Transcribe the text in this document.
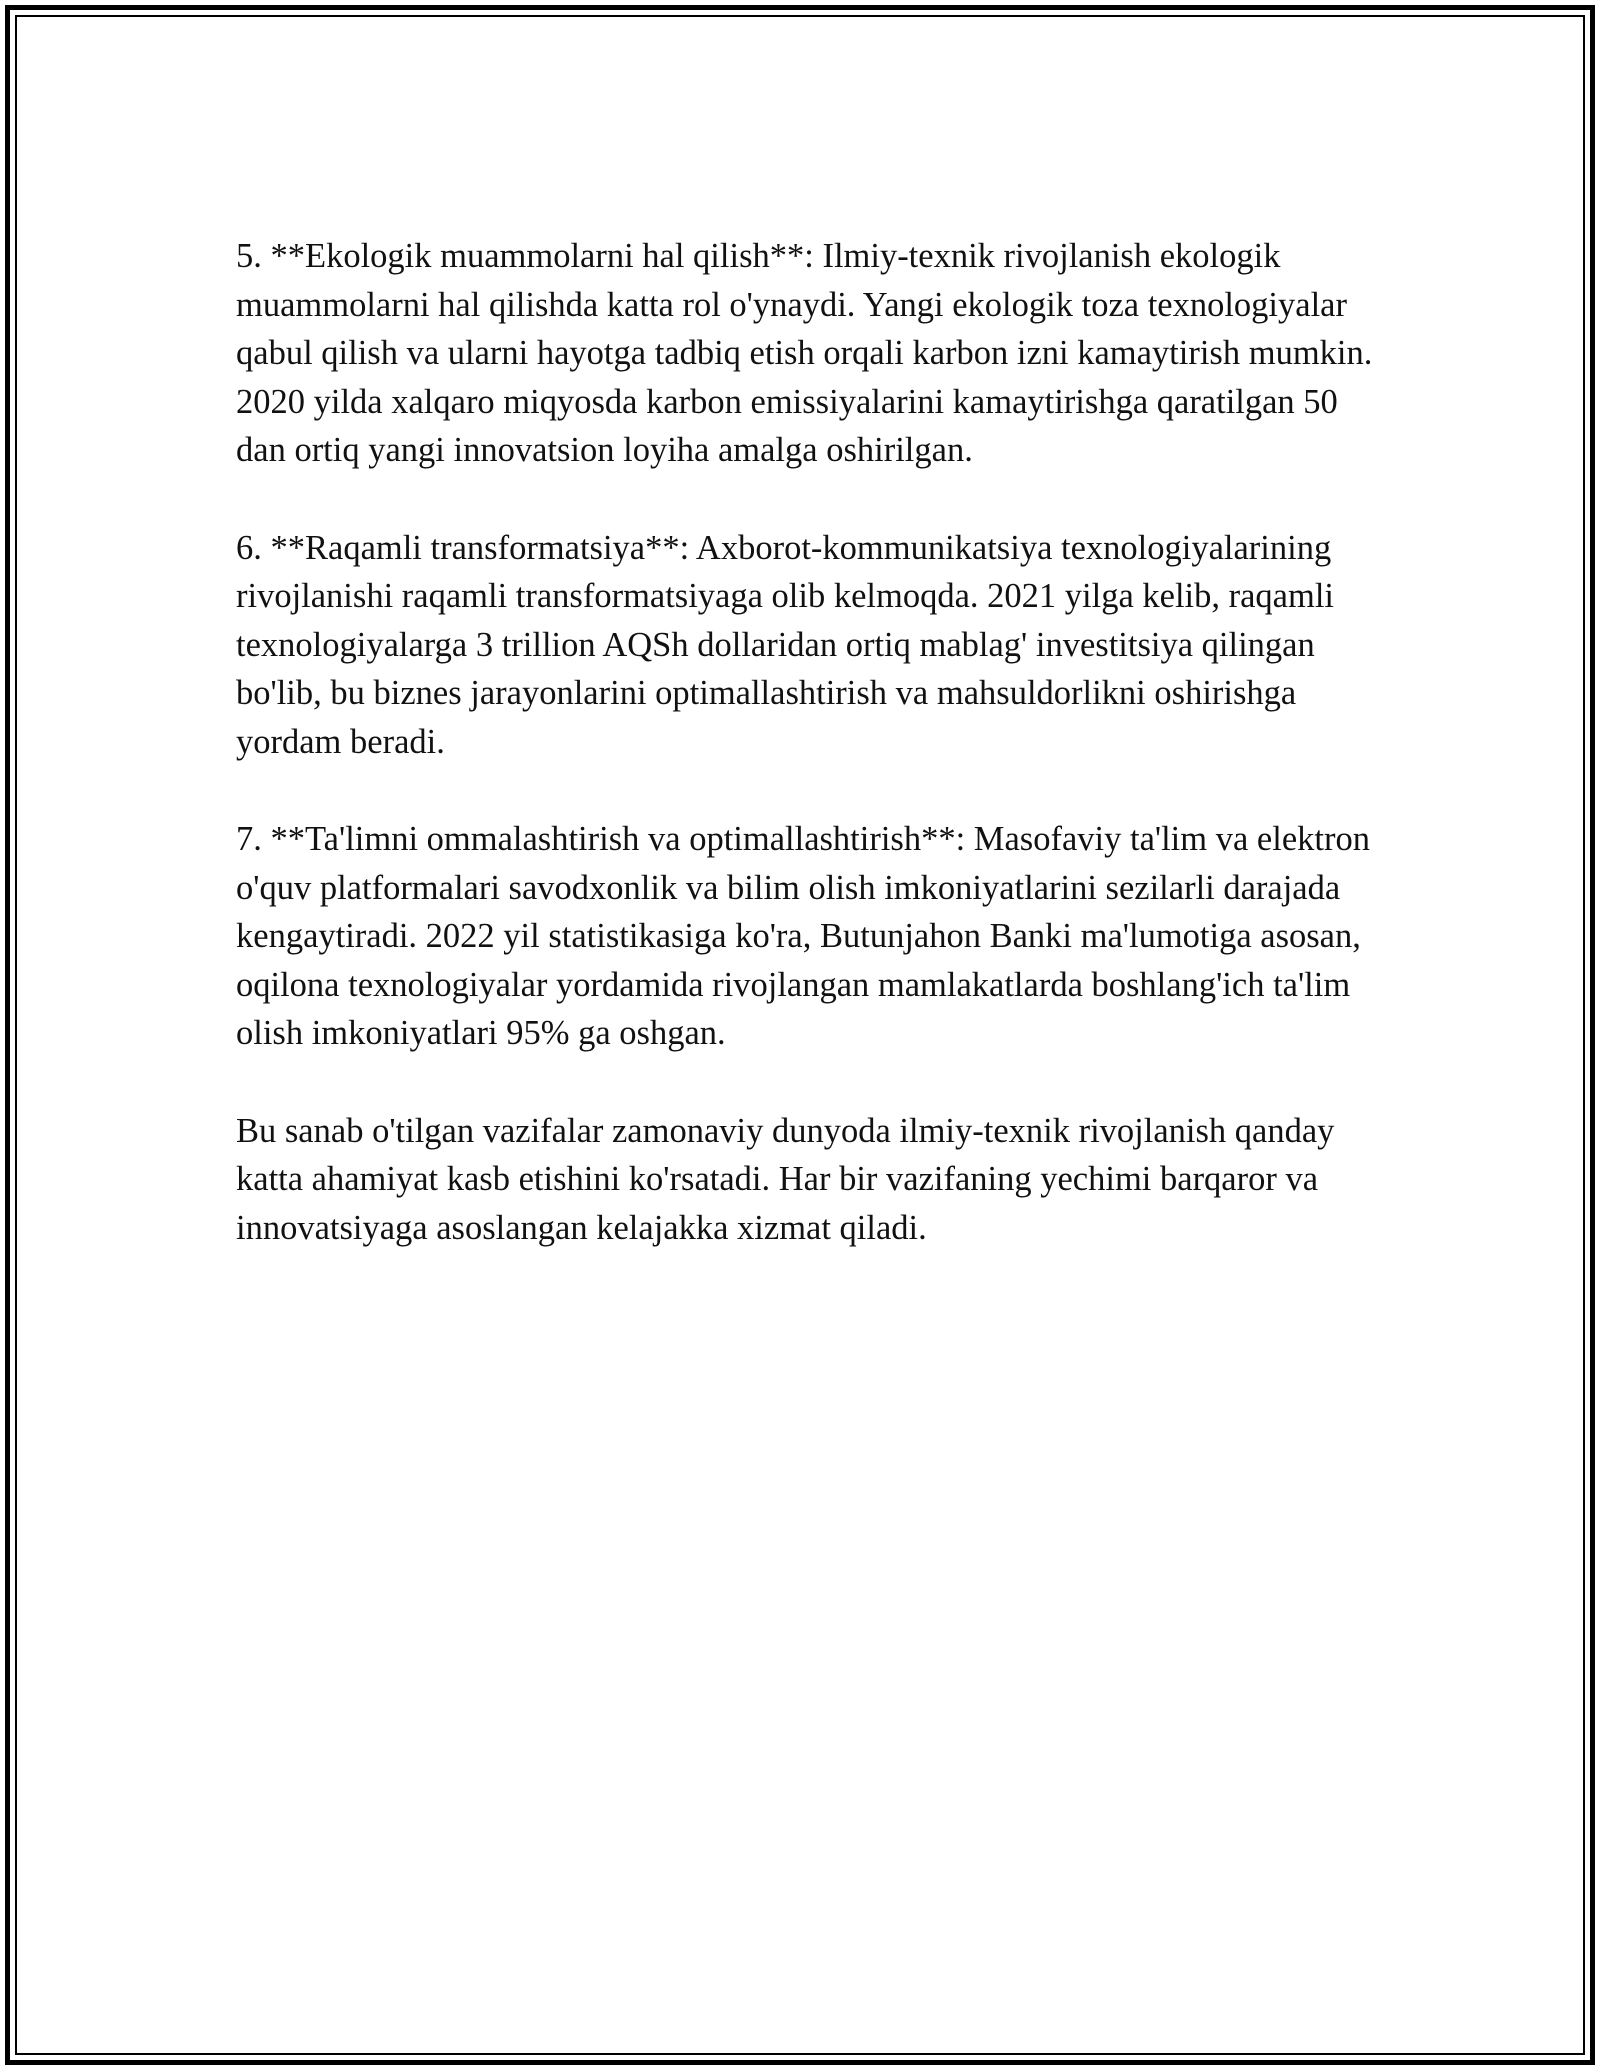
5. **Ekologik muammolarni hal qilish**: Ilmiy-texnik rivojlanish ekologik muammolarni hal qilishda katta rol o'ynaydi. Yangi ekologik toza texnologiyalar qabul qilish va ularni hayotga tadbiq etish orqali karbon izni kamaytirish mumkin. 2020 yilda xalqaro miqyosda karbon emissiyalarini kamaytirishga qaratilgan 50 dan ortiq yangi innovatsion loyiha amalga oshirilgan.

6. **Raqamli transformatsiya**: Axborot-kommunikatsiya texnologiyalarining rivojlanishi raqamli transformatsiyaga olib kelmoqda. 2021 yilga kelib, raqamli texnologiyalarga 3 trillion AQSh dollaridan ortiq mablag' investitsiya qilingan bo'lib, bu biznes jarayonlarini optimallashtirish va mahsuldorlikni oshirishga yordam beradi.

7. **Ta'limni ommalashtirish va optimallashtirish**: Masofaviy ta'lim va elektron o'quv platformalari savodxonlik va bilim olish imkoniyatlarini sezilarli darajada kengaytiradi. 2022 yil statistikasiga ko'ra, Butunjahon Banki ma'lumotiga asosan, oqilona texnologiyalar yordamida rivojlangan mamlakatlarda boshlang'ich ta'lim olish imkoniyatlari 95% ga oshgan.

Bu sanab o'tilgan vazifalar zamonaviy dunyoda ilmiy-texnik rivojlanish qanday katta ahamiyat kasb etishini ko'rsatadi. Har bir vazifaning yechimi barqaror va innovatsiyaga asoslangan kelajakka xizmat qiladi.
